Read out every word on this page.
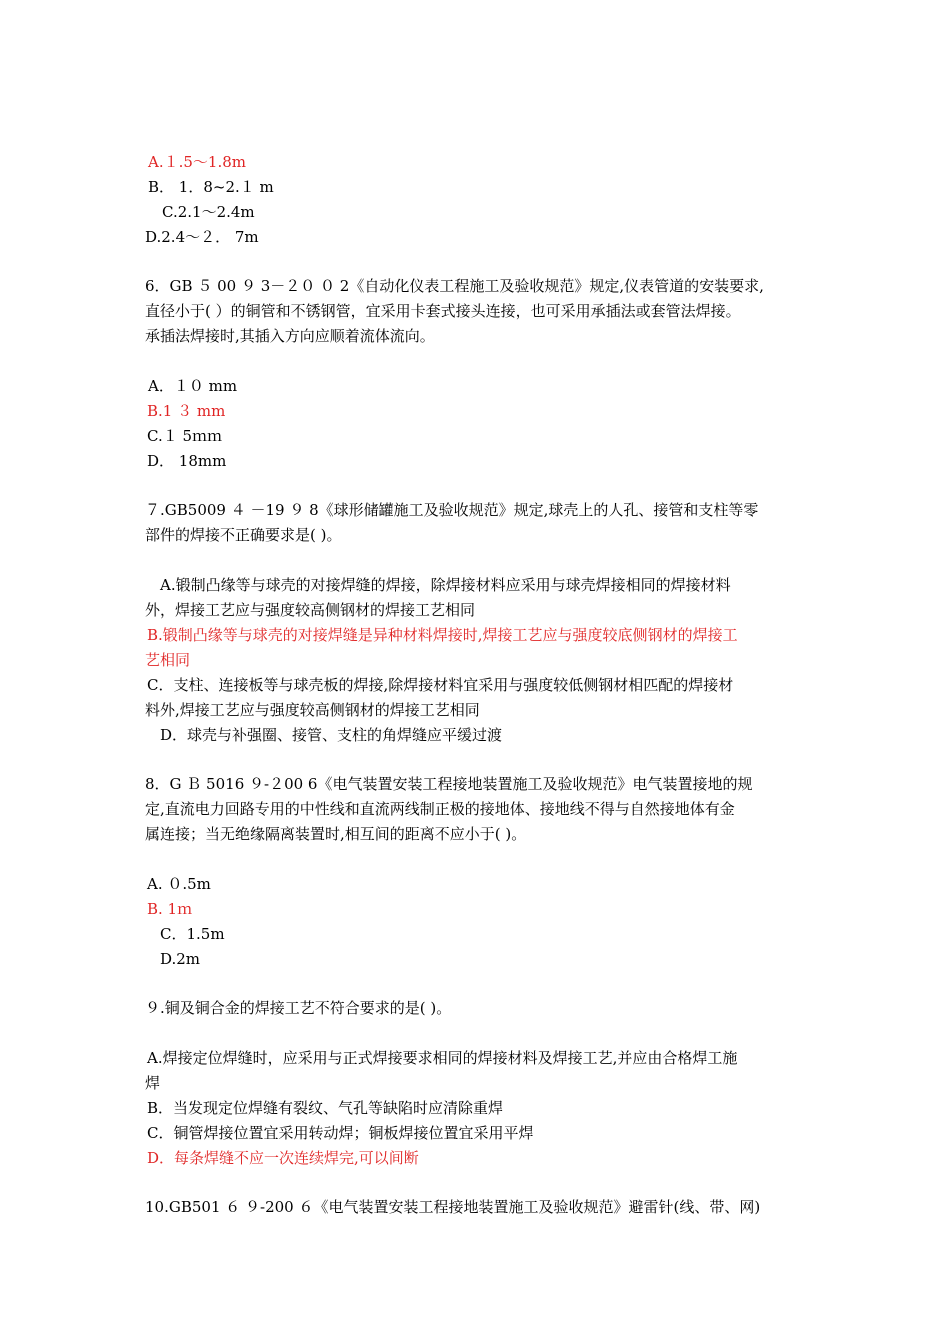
A.１.5～1.8m
B． 1．8~2.１ m
C.2.1～2.4m
D.2.4～２． 7m
6．GB ５ 00 ９ 3－２０ ０ 2《自动化仪表工程施工及验收规范》规定,仪表管道的安装要求,
直径小于( ）的铜管和不锈钢管，宜采用卡套式接头连接，也可采用承插法或套管法焊接。
承插法焊接时,其插入方向应顺着流体流向。
A．１０ mm
B.1 ３ mm
C.１ 5ｍｍ
D． 18mm
７.GB5009 ４ －19 ９ 8《球形储罐施工及验收规范》规定,球壳上的人孔、接管和支柱等零
部件的焊接不正确要求是( )。
A.锻制凸缘等与球壳的对接焊缝的焊接，除焊接材料应采用与球壳焊接相同的焊接材料
外，焊接工艺应与强度较高侧钢材的焊接工艺相同
B.锻制凸缘等与球壳的对接焊缝是异种材料焊接时,焊接工艺应与强度较底侧钢材的焊接工
艺相同
C．支柱、连接板等与球壳板的焊接,除焊接材料宜采用与强度较低侧钢材相匹配的焊接材
料外,焊接工艺应与强度较高侧钢材的焊接工艺相同
D．球壳与补强圈、接管、支柱的角焊缝应平缓过渡
8．G Ｂ 5016 ９-２00 6《电气装置安装工程接地装置施工及验收规范》电气装置接地的规
定,直流电力回路专用的中性线和直流两线制正极的接地体、接地线不得与自然接地体有金
属连接；当无绝缘隔离装置时,相互间的距离不应小于( )。
A. ０.5m
B. 1ｍ
C．1.5m
D.2m
９.铜及铜合金的焊接工艺不符合要求的是( )。
A.焊接定位焊缝时，应采用与正式焊接要求相同的焊接材料及焊接工艺,并应由合格焊工施
焊
B．当发现定位焊缝有裂纹、气孔等缺陷时应清除重焊
C．铜管焊接位置宜采用转动焊；铜板焊接位置宜采用平焊
D．每条焊缝不应一次连续焊完,可以间断
10.GB501 ６ ９-200 ６《电气装置安装工程接地装置施工及验收规范》避雷针(线、带、网)
